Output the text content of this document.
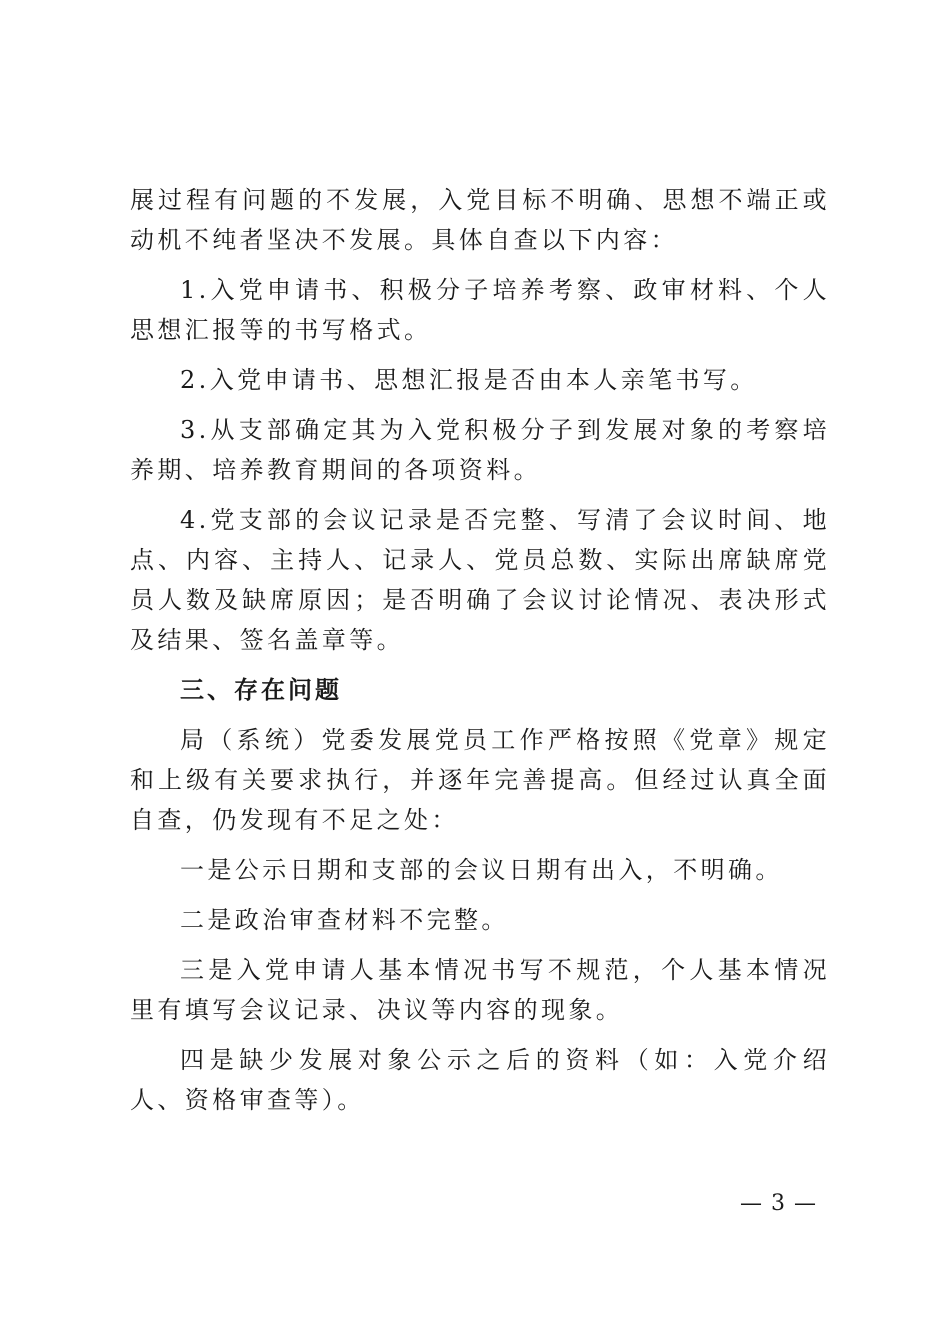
展过程有问题的不发展，入党目标不明确、思想不端正或动机不纯者坚决不发展。具体自查以下内容：

1.入党申请书、积极分子培养考察、政审材料、个人思想汇报等的书写格式。

2.入党申请书、思想汇报是否由本人亲笔书写。

3.从支部确定其为入党积极分子到发展对象的考察培养期、培养教育期间的各项资料。

4.党支部的会议记录是否完整、写清了会议时间、地点、内容、主持人、记录人、党员总数、实际出席缺席党员人数及缺席原因；是否明确了会议讨论情况、表决形式及结果、签名盖章等。

三、存在问题

局（系统）党委发展党员工作严格按照《党章》规定和上级有关要求执行，并逐年完善提高。但经过认真全面自查，仍发现有不足之处：

一是公示日期和支部的会议日期有出入，不明确。

二是政治审查材料不完整。

三是入党申请人基本情况书写不规范，个人基本情况里有填写会议记录、决议等内容的现象。

四是缺少发展对象公示之后的资料（如：入党介绍人、资格审查等）。

— 3 —
